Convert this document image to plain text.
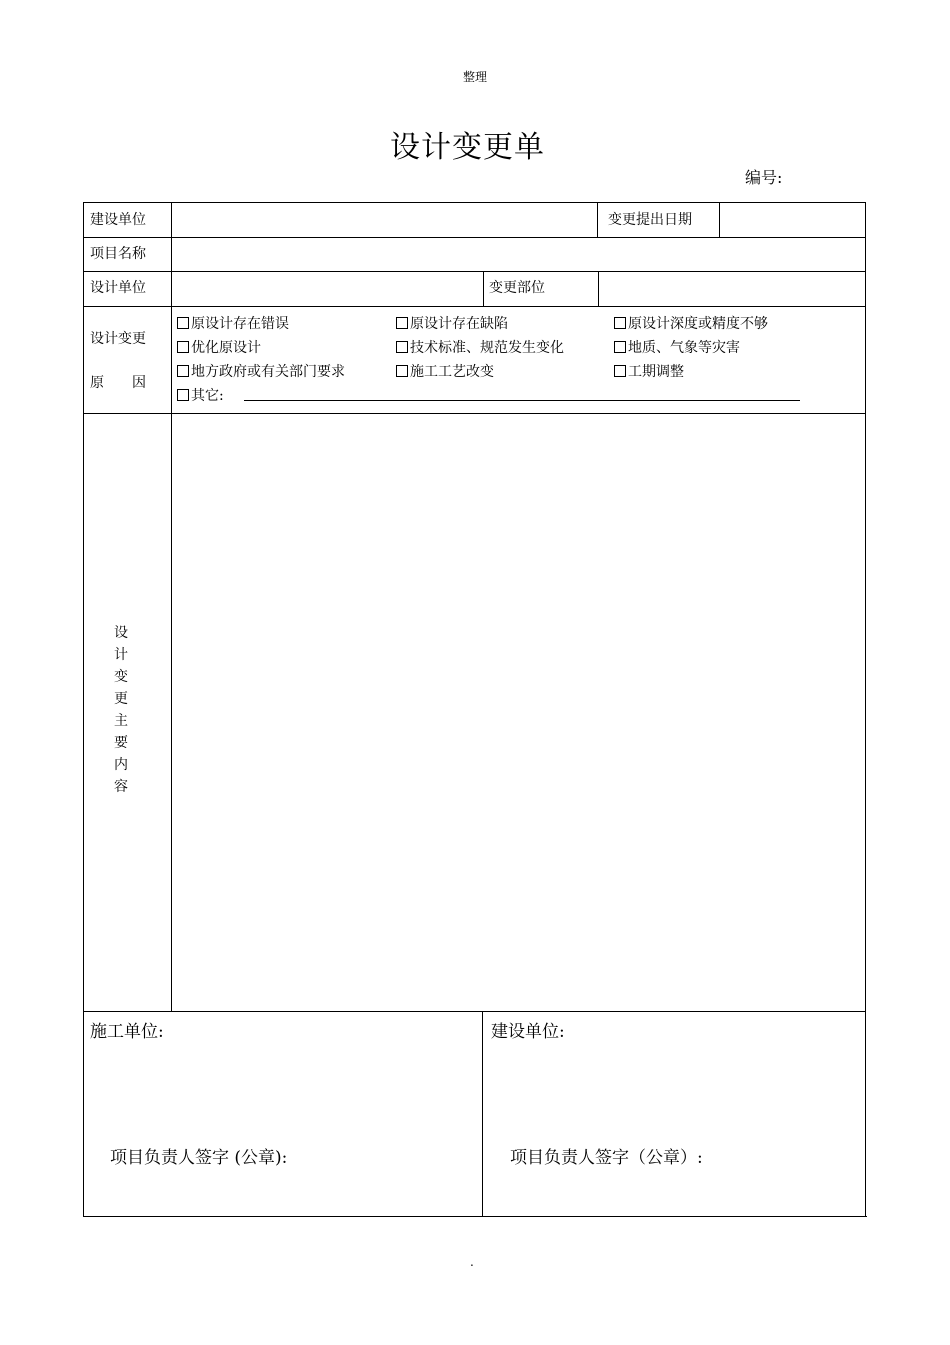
整理
设计变更单
编号:
建设单位	变更提出日期
项目名称
设计单位	变更部位
设计变更
原　　因
原设计存在错误	原设计存在缺陷	原设计深度或精度不够
优化原设计	技术标准、规范发生变化	地质、气象等灾害
地方政府或有关部门要求	施工工艺改变	工期调整
其它:
设
计
变
更
主
要
内
容
施工单位:	建设单位:
项目负责人签字 (公章):	项目负责人签字（公章）:
.
